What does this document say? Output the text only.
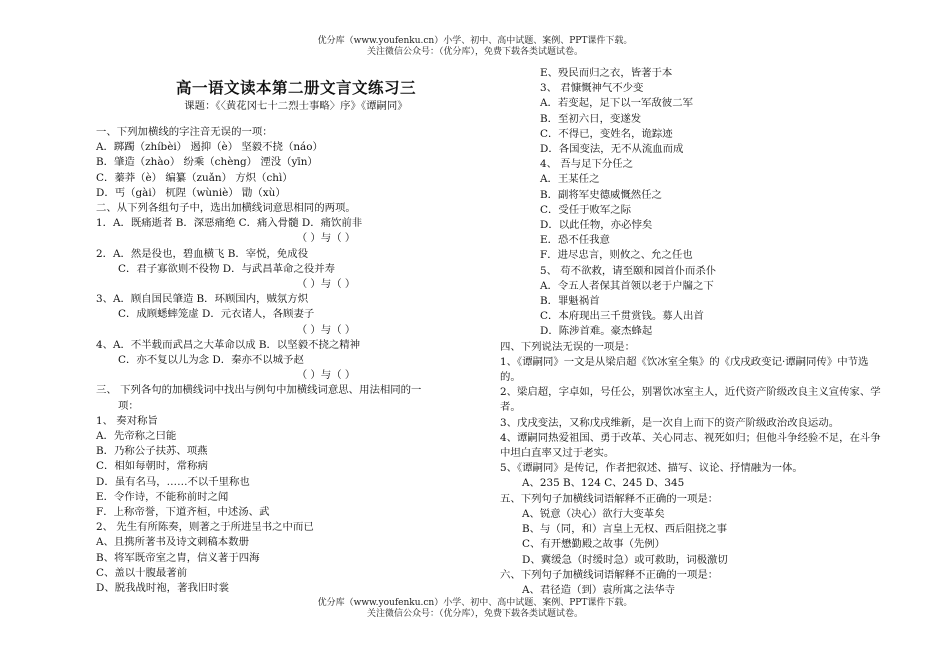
优分库（www.youfenku.cn）小学、初中、高中试题、案例、PPT课件下载。
关注微信公众号：（优分库），免费下载各类试题试卷。
高一语文读本第二册文言文练习三
课题：《〈黄花冈七十二烈士事略〉序》《谭嗣同》
一、下列加横线的字注音无误的一项：
A．踯躅（zhíbèi） 遏抑（è） 坚毅不挠（náo）
B．肇造（zhào） 纷乘（chèng） 湮没（yīn）
C．蓁莽（è） 编纂（zuǎn） 方炽（chì）
D．丐（gài） 杌陧（wùniè） 勖（xù）
二、从下列各组句子中，选出加横线词意思相同的两项。
1．A．既痛逝者 B．深惡痛绝 C．痛入骨髓 D．痛饮前非
（ ）与（ ）
2．A．然是役也，碧血横飞 B．宰悦，免成役
C．君子寡欲则不役物 D．与武昌革命之役并寿
（ ）与（ ）
3、A．顾自国民肇造 B．环顾国内，贼氛方炽
C．成顾蟋蟀笼虚 D．元衣诸人，各顾妻子
（ ）与（ ）
4、A．不半载而武昌之大革命以成 B．以坚毅不挠之精神
C．亦不复以儿为念 D．秦亦不以城予赵
（ ）与（ ）
三、 下列各句的加横线词中找出与例句中加横线词意思、用法相同的一
项：
1、 奏对称旨
A．先帝称之曰能
B．乃称公子扶苏、项燕
C．相如每朝时，常称病
D．虽有名马，……不以千里称也
E．令作诗，不能称前时之闻
F．上称帝誉，下道齐桓，中述汤、武
2、 先生有所陈奏，则著之于所进呈书之中而已
A、且携所著书及诗文刺稿本数册
B、将军既帝室之胄，信义著于四海
C、盖以十腹最著前
D、脱我战时袍，著我旧时裳
E、殁民而归之衣，皆著于本
3、 君慷慨神气不少变
A．若变起，足下以一军敌彼二军
B．至初六日，变遂发
C．不得已，变姓名，诡踪迹
D．各国变法，无不从流血而成
4、 吾与足下分任之
A．王某任之
B．副将军史德威慨然任之
C．受任于败军之际
D．以此任物，亦必悖矣
E．恐不任我意
F．进尽忠言，则攸之、允之任也
5、 苟不欲救，请至颐和园首仆而杀仆
A．令五人者保其首领以老于户牖之下
B．罪魁祸首
C．本府现出三千贯赏钱。募人出首
D．陈涉首难。豪杰蜂起
四、下列说法无误的一项是：
1、《谭嗣同》一文是从梁启超《饮冰室全集》的《戊戌政变记·谭嗣同传》中节选
的。
2、梁启超，字卓如，号任公，别署饮冰室主人，近代资产阶级改良主义宣传家、学
者。
3、戊戌变法，又称戊戌维新，是一次自上而下的资产阶级政治改良运动。
4、谭嗣同热爱祖国、勇于改革、关心同志、视死如归；但他斗争经验不足，在斗争
中坦白直率又过于老实。
5、《谭嗣同》是传记，作者把叙述、描写、议论、抒情融为一体。
A、235 B、124 C、245 D、345
五、下列句子加横线词语解释不正确的一项是：
A、锐意（决心）欲行大变革矣
B、与（同，和）言皇上无权、西后阻挠之事
C、有开懋勤殿之故事（先例）
D、冀缓急（时缓时急）或可救助，词极激切
六、下列句子加横线词语解释不正确的一项是：
A、君径造（到）袁所寓之法华寺
优分库（www.youfenku.cn）小学、初中、高中试题、案例、PPT课件下载。
关注微信公众号：（优分库），免费下载各类试题试卷。
